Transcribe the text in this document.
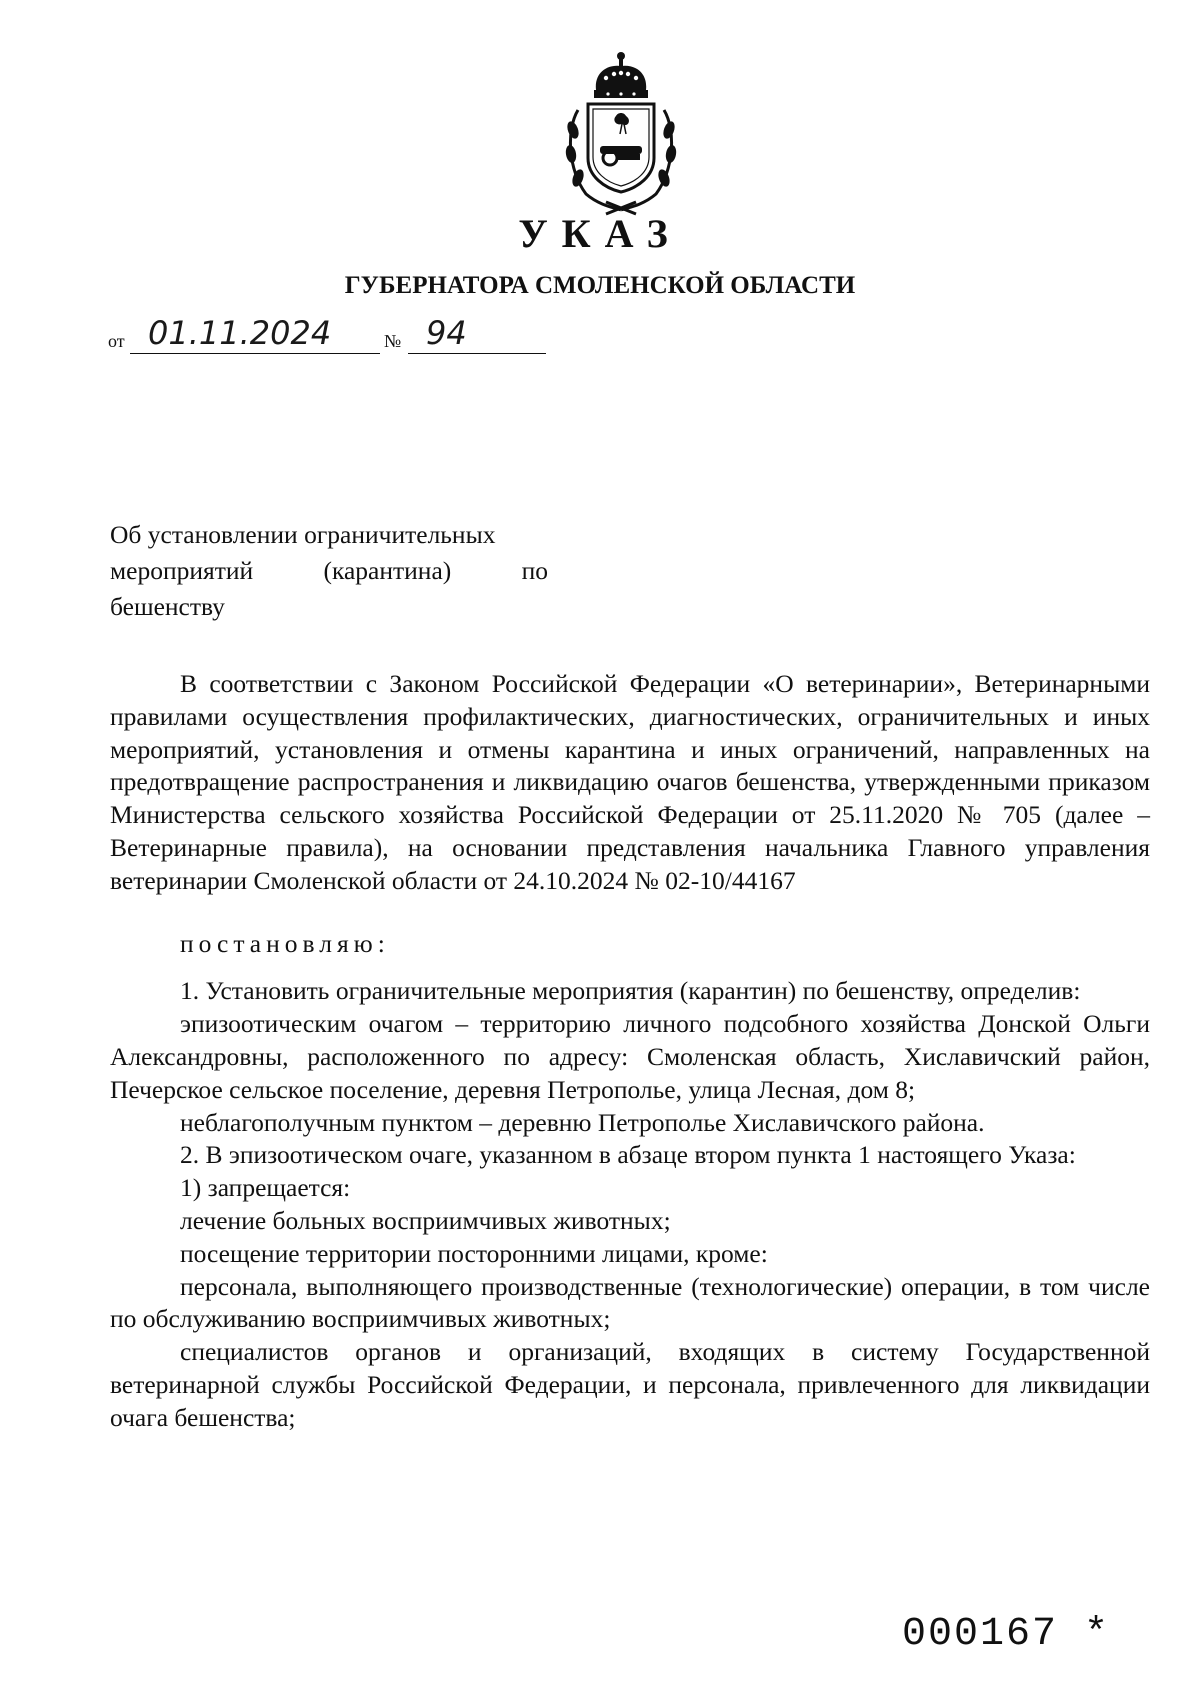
УКАЗ
ГУБЕРНАТОРА СМОЛЕНСКОЙ ОБЛАСТИ
от 01.11.2024	№ 94
Об установлении ограничительных
мероприятий (карантина) по
бешенству

В соответствии с Законом Российской Федерации «О ветеринарии», Ветеринарными правилами осуществления профилактических, диагностических, ограничительных и иных мероприятий, установления и отмены карантина и иных ограничений, направленных на предотвращение распространения и ликвидацию очагов бешенства, утвержденными приказом Министерства сельского хозяйства Российской Федерации от 25.11.2020 № 705 (далее – Ветеринарные правила), на основании представления начальника Главного управления ветеринарии Смоленской области от 24.10.2024 № 02-10/44167

постановляю:

1. Установить ограничительные мероприятия (карантин) по бешенству, определив:

эпизоотическим очагом – территорию личного подсобного хозяйства Донской Ольги Александровны, расположенного по адресу: Смоленская область, Хиславичский район, Печерское сельское поселение, деревня Петрополье, улица Лесная, дом 8;

неблагополучным пунктом – деревню Петрополье Хиславичского района.

2. В эпизоотическом очаге, указанном в абзаце втором пункта 1 настоящего Указа:

1) запрещается:

лечение больных восприимчивых животных;

посещение территории посторонними лицами, кроме:

персонала, выполняющего производственные (технологические) операции, в том числе по обслуживанию восприимчивых животных;

специалистов органов и организаций, входящих в систему Государственной ветеринарной службы Российской Федерации, и персонала, привлеченного для ликвидации очага бешенства;

000167 *
